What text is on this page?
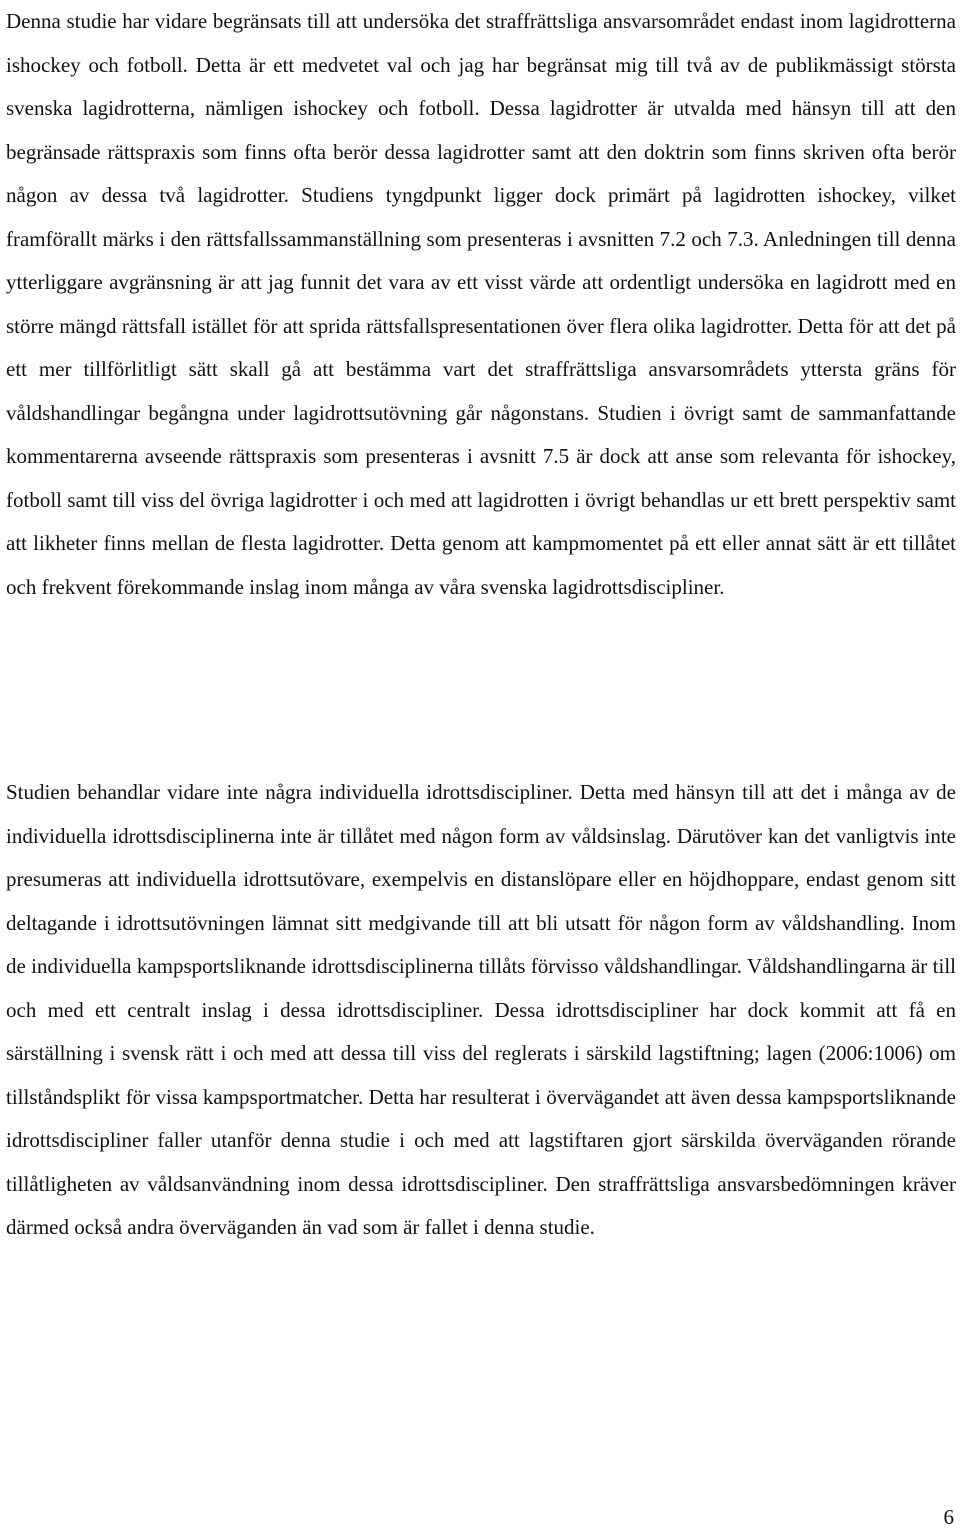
Denna studie har vidare begränsats till att undersöka det straffrättsliga ansvarsområdet endast inom lagidrotterna ishockey och fotboll. Detta är ett medvetet val och jag har begränsat mig till två av de publikmässigt största svenska lagidrotterna, nämligen ishockey och fotboll. Dessa lagidrotter är utvalda med hänsyn till att den begränsade rättspraxis som finns ofta berör dessa lagidrotter samt att den doktrin som finns skriven ofta berör någon av dessa två lagidrotter. Studiens tyngdpunkt ligger dock primärt på lagidrotten ishockey, vilket framförallt märks i den rättsfallssammanställning som presenteras i avsnitten 7.2 och 7.3. Anledningen till denna ytterliggare avgränsning är att jag funnit det vara av ett visst värde att ordentligt undersöka en lagidrott med en större mängd rättsfall istället för att sprida rättsfallspresentationen över flera olika lagidrotter. Detta för att det på ett mer tillförlitligt sätt skall gå att bestämma vart det straffrättsliga ansvarsområdets yttersta gräns för våldshandlingar begångna under lagidrottsutövning går någonstans. Studien i övrigt samt de sammanfattande kommentarerna avseende rättspraxis som presenteras i avsnitt 7.5 är dock att anse som relevanta för ishockey, fotboll samt till viss del övriga lagidrotter i och med att lagidrotten i övrigt behandlas ur ett brett perspektiv samt att likheter finns mellan de flesta lagidrotter. Detta genom att kampmomentet på ett eller annat sätt är ett tillåtet och frekvent förekommande inslag inom många av våra svenska lagidrottsdiscipliner.

Studien behandlar vidare inte några individuella idrottsdiscipliner. Detta med hänsyn till att det i många av de individuella idrottsdisciplinerna inte är tillåtet med någon form av våldsinslag. Därutöver kan det vanligtvis inte presumeras att individuella idrottsutövare, exempelvis en distanslöpare eller en höjdhoppare, endast genom sitt deltagande i idrottsutövningen lämnat sitt medgivande till att bli utsatt för någon form av våldshandling. Inom de individuella kampsportsliknande idrottsdisciplinerna tillåts förvisso våldshandlingar. Våldshandlingarna är till och med ett centralt inslag i dessa idrottsdiscipliner. Dessa idrottsdiscipliner har dock kommit att få en särställning i svensk rätt i och med att dessa till viss del reglerats i särskild lagstiftning; lagen (2006:1006) om tillståndsplikt för vissa kampsportmatcher. Detta har resulterat i övervägandet att även dessa kampsportsliknande idrottsdiscipliner faller utanför denna studie i och med att lagstiftaren gjort särskilda överväganden rörande tillåtligheten av våldsanvändning inom dessa idrottsdiscipliner. Den straffrättsliga ansvarsbedömningen kräver därmed också andra överväganden än vad som är fallet i denna studie.

6
